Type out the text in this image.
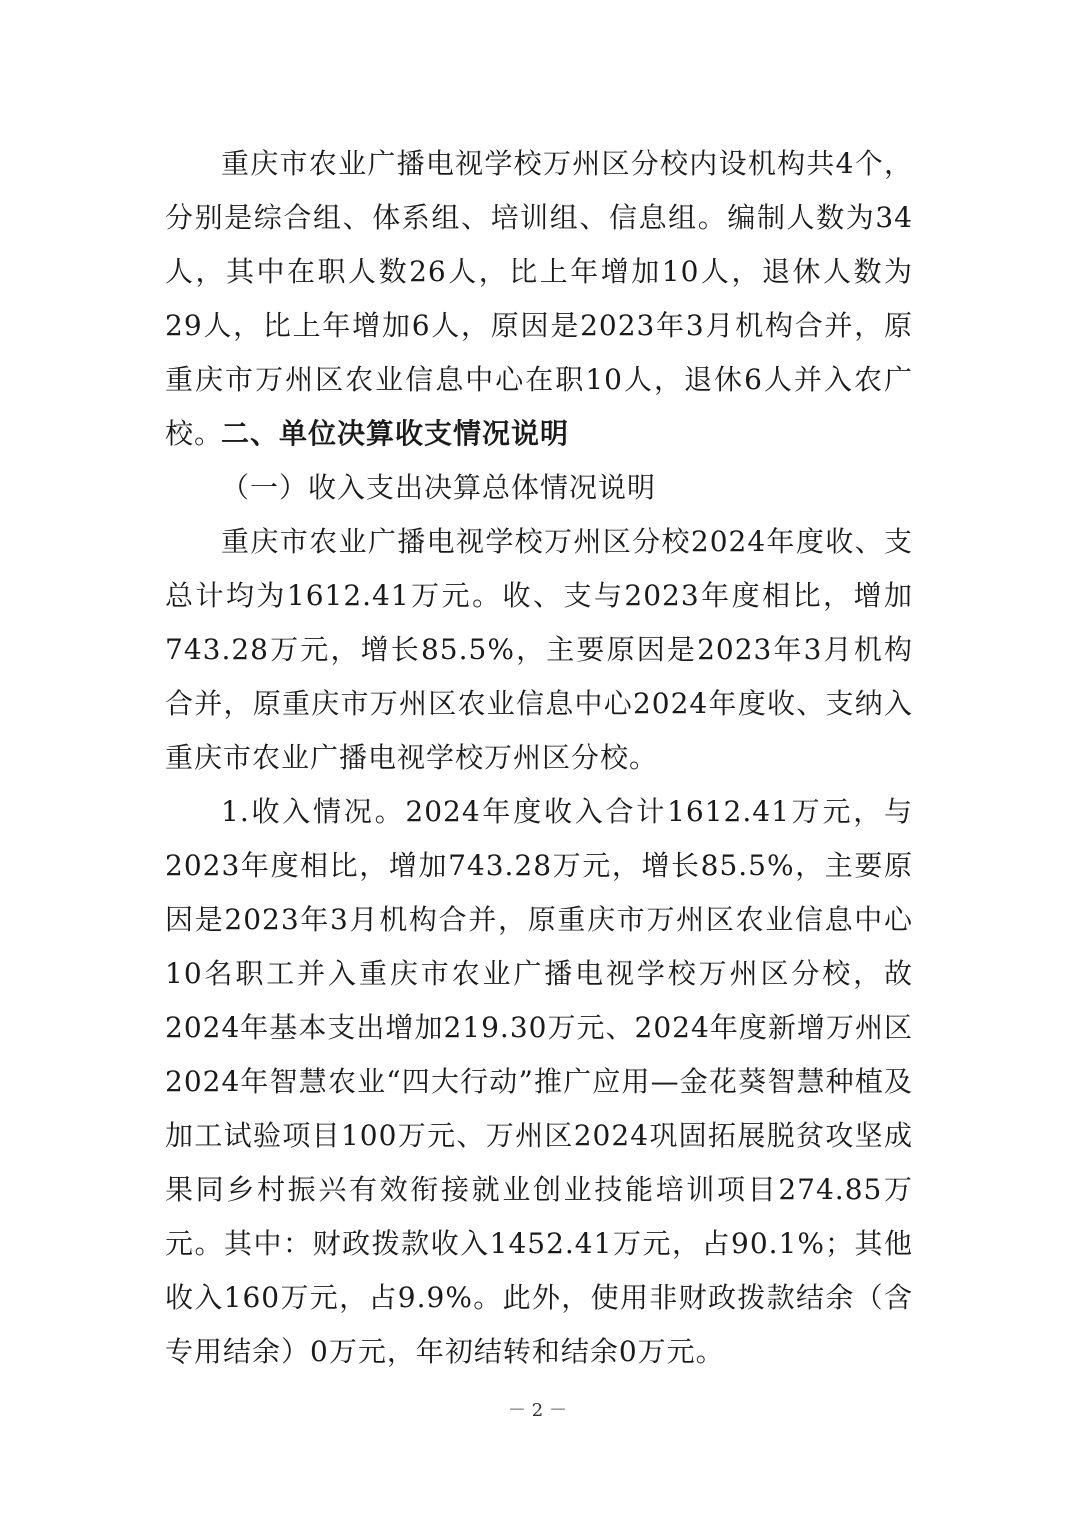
重庆市农业广播电视学校万州区分校内设机构共4个，分别是综合组、体系组、培训组、信息组。编制人数为34人，其中在职人数26人，比上年增加10人，退休人数为29人，比上年增加6人，原因是2023年3月机构合并，原重庆市万州区农业信息中心在职10人，退休6人并入农广校。

二、单位决算收支情况说明

（一）收入支出决算总体情况说明

重庆市农业广播电视学校万州区分校2024年度收、支总计均为1612.41万元。收、支与2023年度相比，增加743.28万元，增长85.5%，主要原因是2023年3月机构合并，原重庆市万州区农业信息中心2024年度收、支纳入重庆市农业广播电视学校万州区分校。

1.收入情况。2024年度收入合计1612.41万元，与2023年度相比，增加743.28万元，增长85.5%，主要原因是2023年3月机构合并，原重庆市万州区农业信息中心10名职工并入重庆市农业广播电视学校万州区分校，故2024年基本支出增加219.30万元、2024年度新增万州区2024年智慧农业“四大行动”推广应用—金花葵智慧种植及加工试验项目100万元、万州区2024巩固拓展脱贫攻坚成果同乡村振兴有效衔接就业创业技能培训项目274.85万元。其中：财政拨款收入1452.41万元，占90.1%；其他收入160万元，占9.9%。此外，使用非财政拨款结余（含专用结余）0万元，年初结转和结余0万元。

－ 2 －
